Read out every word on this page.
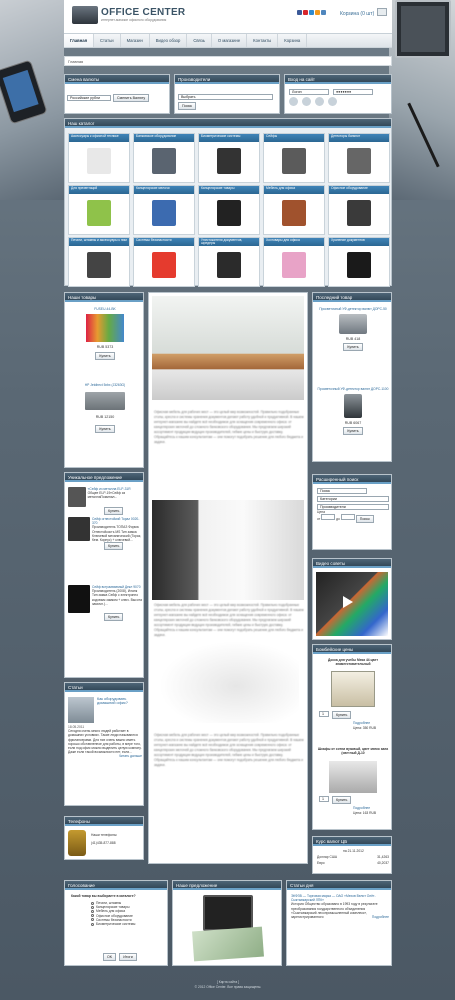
OFFICE CENTER
интернет-магазин офисного оборудования
Корзина (0 шт)
Главная	Статьи	Магазин	Видео обзор	Связь	О магазине	Контакты	Корзина
Главная
Смена валюты
Российские рубли	Сменить Валюту
Производители
Выбрать
Поиск
Вход на сайт
Логин	●●●●●●●
Наш каталог
Аксессуары к офисной технике	Банковское оборудование	Биометрические системы	Сейфы	Детекторы банкнот
Для презентаций	Канцелярские мелочи	Канцелярские товары	Мебель для офиса	Офисное оборудование
Печати, штампы и аксессуары к ним	Системы безопасности	Уничтожители документов, шредеры
Хозтовары для офиса	Хранение документов
Наши товары
FUSEU-44-BK
RUB 5373
Купить
HP Jetdirect 5xbx (J3263G)
RUB 12150
Купить
Уникальное предложение
«Сейф из металла ELP-31R
Общее ELP-19»Сейф из металлаПоминал...
Купить
Сейф огнестойкий Topaz 0020-370
Производитель ТОПАЗ Форма Огнестойкость MS Тип замка Ключевой механический (Topaz, Кем. Корпус) + ключевой...
Купить
Сейф встраиваемый Декл 9070
Производитель (2008), Иланк Тип замка Сейф с электронно кодовым замком + ключ. Высота замочн.)...
Купить
Статьи
Как оборудовать домашний офис?
18.05.2011
Сегодня очень много людей работает в домашних условиях. Такие люди называются фрилансерами. Для них очень важно иметь хорошо обставленное для работы, в мере того, если под офис можно выделить целую комнату. Даже если такой возможности нет, если...
Читать дальше
Телефоны
Наши телефоны:
(41)435-877-888
Офисная мебель для рабочих мест — это целый мир возможностей. Правильно подобранные столы, кресла и системы хранения документов делают работу удобной и продуктивной. В нашем интернет-магазине вы найдете всё необходимое для оснащения современного офиса: от канцелярских мелочей до сложного банковского оборудования. Мы предлагаем широкий ассортимент продукции ведущих производителей, гибкие цены и быструю доставку. Обращайтесь к нашим консультантам — они помогут подобрать решение для любого бюджета и задачи.
Офисная мебель для рабочих мест — это целый мир возможностей. Правильно подобранные столы, кресла и системы хранения документов делают работу удобной и продуктивной. В нашем интернет-магазине вы найдете всё необходимое для оснащения современного офиса: от канцелярских мелочей до сложного банковского оборудования. Мы предлагаем широкий ассортимент продукции ведущих производителей, гибкие цены и быструю доставку. Обращайтесь к нашим консультантам — они помогут подобрать решение для любого бюджета и задачи.
Офисная мебель для рабочих мест — это целый мир возможностей. Правильно подобранные столы, кресла и системы хранения документов делают работу удобной и продуктивной. В нашем интернет-магазине вы найдете всё необходимое для оснащения современного офиса: от канцелярских мелочей до сложного банковского оборудования. Мы предлагаем широкий ассортимент продукции ведущих производителей, гибкие цены и быструю доставку. Обращайтесь к нашим консультантам — они помогут подобрать решение для любого бюджета и задачи.
Последний товар
Просветочный УФ-детектор валют ДОРС-50
RUB 418
Купить
Просветочный УФ-детектор валют ДОРС-1100
RUB 6067
Купить
Расширенный поиск
Поиск
Категории
Производители
Цена
от	до	Поиск
Видео советы
Бомбейские цены
Доска для учебы Мека 44 цвет знамеготовительный
1	Купить
Подробнее
Цена: 350 RUB
Шкафы от сотни вузовый, цвет мягко зала (светлый Д-10
1	Купить
Подробнее
Цена: 163 RUB
Курс валют ЦБ
на 21.11.2012
Доллар США	31,4263
Евро	40,2037
Голосование
Какой товар вы выбираете в каталоге?
Печати, штампы
Канцелярские товары
Мебель для офиса
Офисное оборудование
Системы безопасности
Биометрические системы
OK	Итоги
Наше предложение	Статьи дня
ЭКФЗВ — Торговая марка — ОАО «Мехов Велит Олёт-Сыктывкарский ЛПК»
История Общество образовано в 1993 году в результате преобразования государственного объединения «Сыктывкарский лесопромышленный комплекс», зарегистрированного	Подробнее
[ Карта сайта ]
© 2012 Office Center. Все права защищены.
